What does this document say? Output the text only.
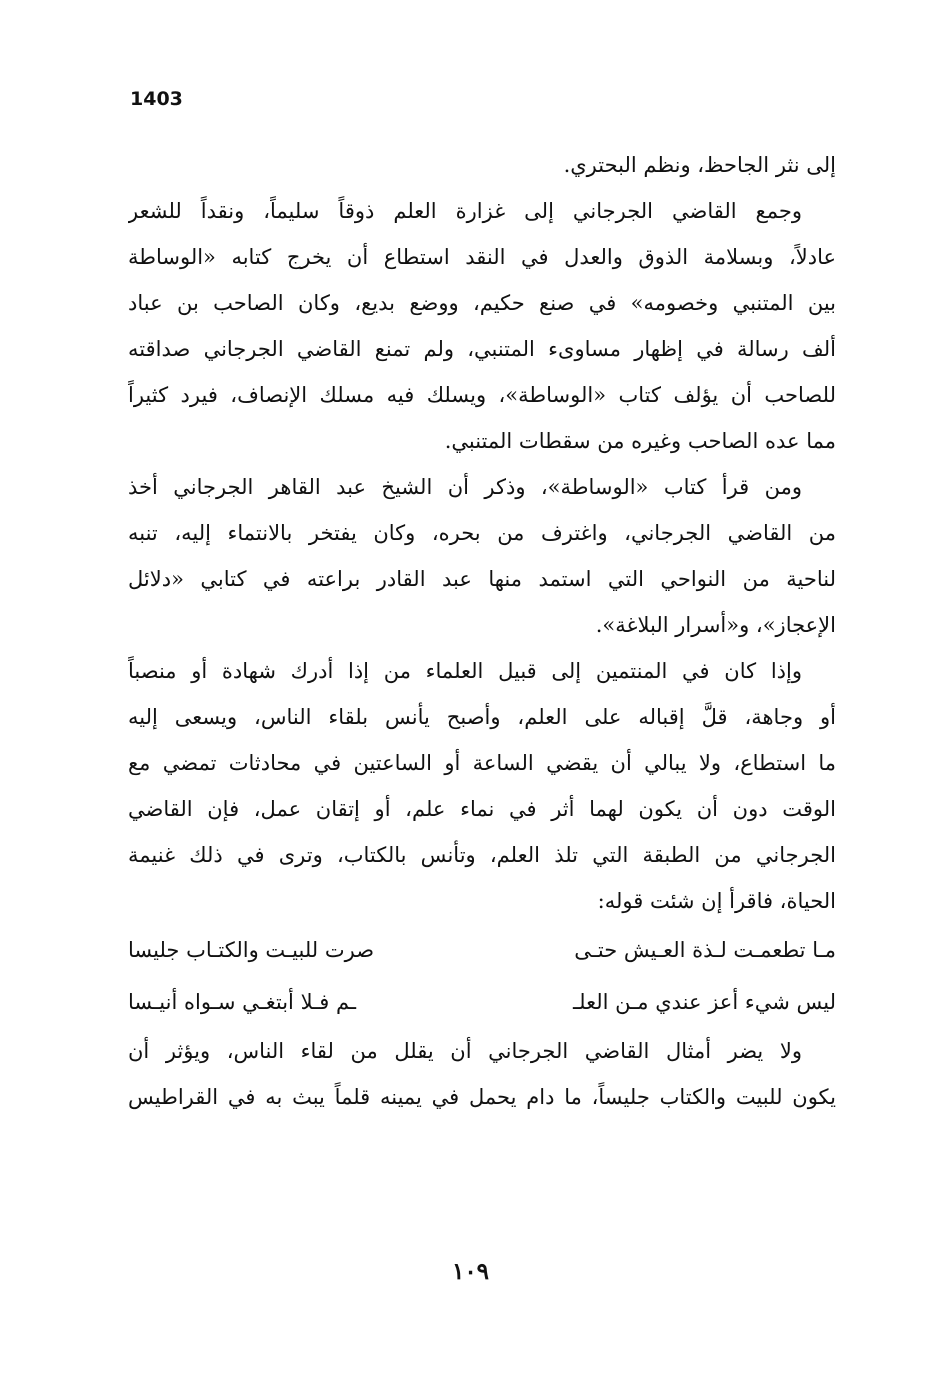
1403
إلى نثر الجاحظ، ونظم البحتري.
وجمع القاضي الجرجاني إلى غزارة العلم ذوقاً سليماً، ونقداً للشعر
عادلاً، وبسلامة الذوق والعدل في النقد استطاع أن يخرج كتابه «الوساطة
بين المتنبي وخصومه» في صنع حكيم، ووضع بديع، وكان الصاحب بن عباد
ألف رسالة في إظهار مساوىء المتنبي، ولم تمنع القاضي الجرجاني صداقته
للصاحب أن يؤلف كتاب «الوساطة»، ويسلك فيه مسلك الإنصاف، فيرد كثيراً
مما عده الصاحب وغيره من سقطات المتنبي.
ومن قرأ كتاب «الوساطة»، وذكر أن الشيخ عبد القاهر الجرجاني أخذ
من القاضي الجرجاني، واغترف من بحره، وكان يفتخر بالانتماء إليه، تنبه
لناحية من النواحي التي استمد منها عبد القادر براعته في كتابي «دلائل
الإعجاز»، و«أسرار البلاغة».
وإذا كان في المنتمين إلى قبيل العلماء من إذا أدرك شهادة أو منصباً
أو وجاهة، قلَّ إقباله على العلم، وأصبح يأنس بلقاء الناس، ويسعى إليه
ما استطاع، ولا يبالي أن يقضي الساعة أو الساعتين في محادثات تمضي مع
الوقت دون أن يكون لهما أثر في نماء علم، أو إتقان عمل، فإن القاضي
الجرجاني من الطبقة التي تلذ العلم، وتأنس بالكتاب، وترى في ذلك غنيمة
الحياة، فاقرأ إن شئت قوله:
مـا تطعمـت لـذة العـيش حتـى
صرت للبيـت والكتـاب جليسا
ليس شيء أعز عندي مـن العلـ
ـم فـلا أبتغـي سـواه أنيـسا
ولا يضر أمثال القاضي الجرجاني أن يقلل من لقاء الناس، ويؤثر أن
يكون للبيت والكتاب جليساً، ما دام يحمل في يمينه قلماً يبث به في القراطيس
١٠٩
